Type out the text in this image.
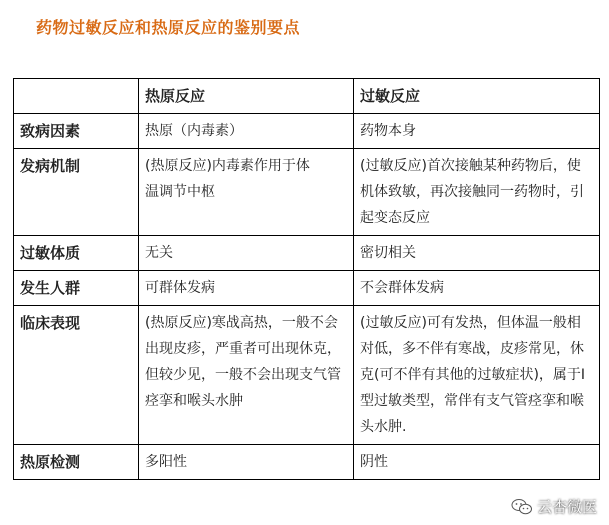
药物过敏反应和热原反应的鉴别要点
	热原反应	过敏反应
致病因素	热原（内毒素）	药物本身
发病机制	(热原反应)内毒素作用于体温调节中枢	(过敏反应)首次接触某种药物后，使机体致敏，再次接触同一药物时，引起变态反应
过敏体质	无关	密切相关
发生人群	可群体发病	不会群体发病
临床表现	(热原反应)寒战高热，一般不会出现皮疹，严重者可出现休克，但较少见，一般不会出现支气管痉挛和喉头水肿	(过敏反应)可有发热，但体温一般相对低，多不伴有寒战，皮疹常见，休克(可不伴有其他的过敏症状)，属于Ⅰ型过敏类型，常伴有支气管痉挛和喉头水肿.
热原检测	多阳性	阴性
云杏微医
